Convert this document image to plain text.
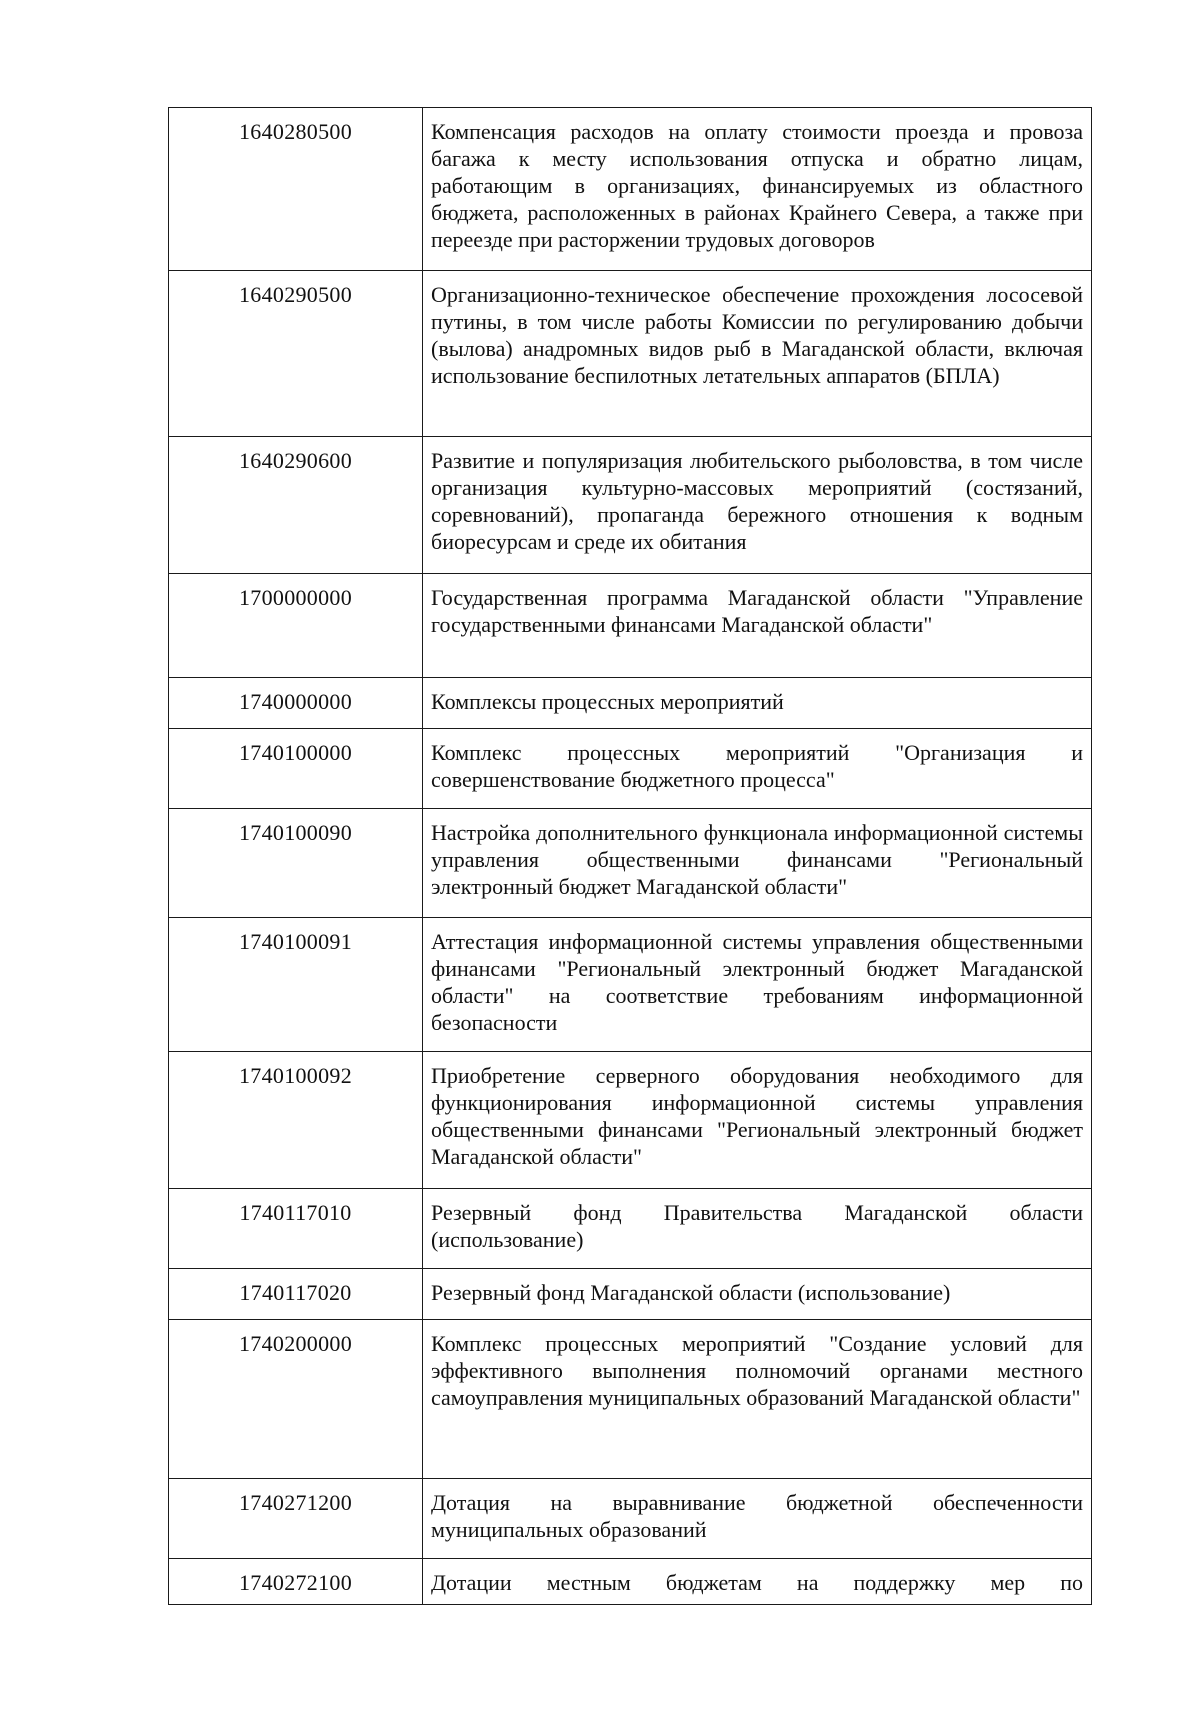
1640280500	Компенсация расходов на оплату стоимости проезда и провоза багажа к месту использования отпуска и обратно лицам, работающим в организациях, финансируемых из областного бюджета, расположенных в районах Крайнего Севера, а также при переезде при расторжении трудовых договоров

1640290500	Организационно-техническое обеспечение прохождения лососевой путины, в том числе работы Комиссии по регулированию добычи (вылова) анадромных видов рыб в Магаданской области, включая использование беспилотных летательных аппаратов (БПЛА)

1640290600	Развитие и популяризация любительского рыболовства, в том числе организация культурно-массовых мероприятий (состязаний, соревнований), пропаганда бережного отношения к водным биоресурсам и среде их обитания

1700000000	Государственная программа Магаданской области "Управление государственными финансами Магаданской области"

1740000000	Комплексы процессных мероприятий

1740100000	Комплекс процессных мероприятий "Организация и совершенствование бюджетного процесса"

1740100090	Настройка дополнительного функционала информационной системы управления общественными финансами "Региональный электронный бюджет Магаданской области"

1740100091	Аттестация информационной системы управления общественными финансами "Региональный электронный бюджет Магаданской области" на соответствие требованиям информационной безопасности

1740100092	Приобретение серверного оборудования необходимого для функционирования информационной системы управления общественными финансами "Региональный электронный бюджет Магаданской области"

1740117010	Резервный фонд Правительства Магаданской области (использование)

1740117020	Резервный фонд Магаданской области (использование)

1740200000	Комплекс процессных мероприятий "Создание условий для эффективного выполнения полномочий органами местного самоуправления муниципальных образований Магаданской области"

1740271200	Дотация на выравнивание бюджетной обеспеченности муниципальных образований

1740272100	Дотации местным бюджетам на поддержку мер по
